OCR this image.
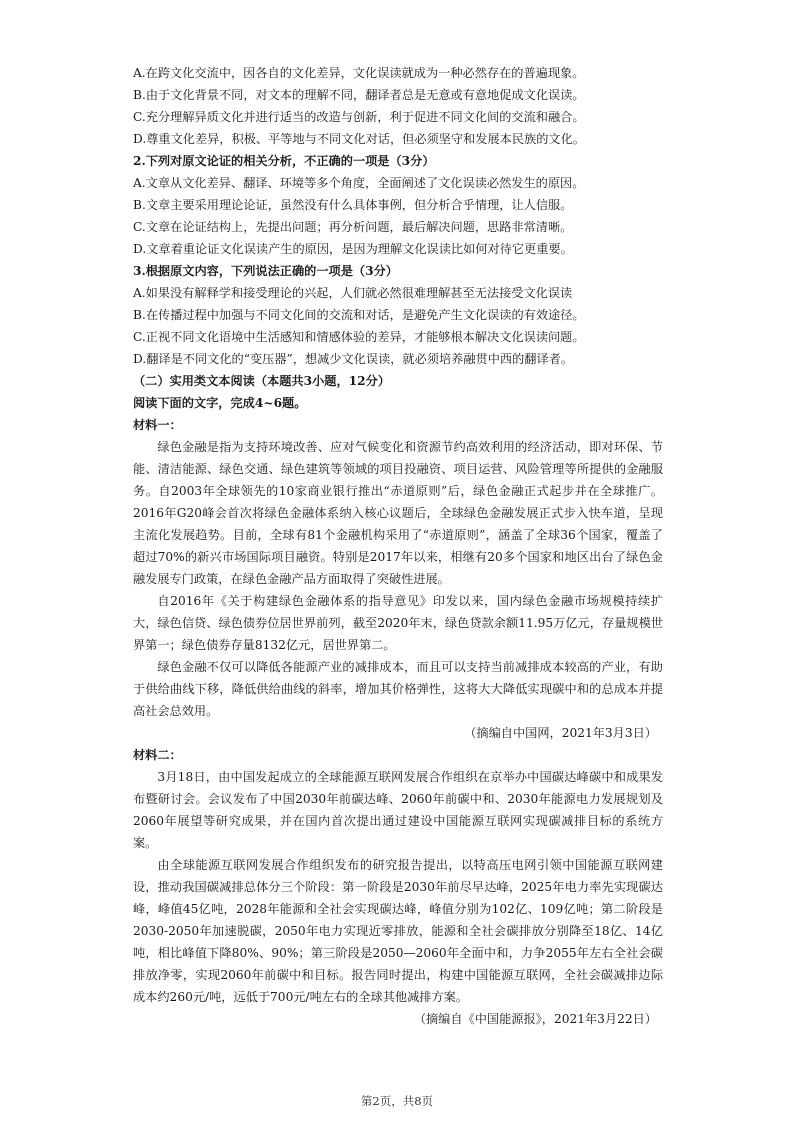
A.在跨文化交流中，因各自的文化差异，文化误读就成为一种必然存在的普遍现象。
B.由于文化背景不同，对文本的理解不同，翻译者总是无意或有意地促成文化误读。
C.充分理解异质文化并进行适当的改造与创新，利于促进不同文化间的交流和融合。
D.尊重文化差异，积极、平等地与不同文化对话，但必须坚守和发展本民族的文化。
2.下列对原文论证的相关分析，不正确的一项是（3分）
A.文章从文化差异、翻译、环境等多个角度，全面阐述了文化误读必然发生的原因。
B.文章主要采用理论论证，虽然没有什么具体事例，但分析合乎情理，让人信服。
C.文章在论证结构上，先提出问题；再分析问题，最后解决问题，思路非常清晰。
D.文章着重论证文化误读产生的原因，是因为理解文化误读比如何对待它更重要。
3.根据原文内容，下列说法正确的一项是（3分）
A.如果没有解释学和接受理论的兴起，人们就必然很难理解甚至无法接受文化误读
B.在传播过程中加强与不同文化间的交流和对话，是避免产生文化误读的有效途径。
C.正视不同文化语境中生活感知和情感体验的差异，才能够根本解决文化误读问题。
D.翻译是不同文化的“变压器”，想减少文化误读，就必须培养融贯中西的翻译者。
（二）实用类文本阅读（本题共3小题，12分）
阅读下面的文字，完成4~6题。
材料一：
绿色金融是指为支持环境改善、应对气候变化和资源节约高效利用的经济活动，即对环保、节能、清洁能源、绿色交通、绿色建筑等领域的项目投融资、项目运营、风险管理等所提供的金融服务。自2003年全球领先的10家商业银行推出“赤道原则”后，绿色金融正式起步并在全球推广。2016年G20峰会首次将绿色金融体系纳入核心议题后，全球绿色金融发展正式步入快车道，呈现主流化发展趋势。目前，全球有81个金融机构采用了“赤道原则”，涵盖了全球36个国家，覆盖了超过70%的新兴市场国际项目融资。特别是2017年以来，相继有20多个国家和地区出台了绿色金融发展专门政策，在绿色金融产品方面取得了突破性进展。
自2016年《关于构建绿色金融体系的指导意见》印发以来，国内绿色金融市场规模持续扩大，绿色信贷、绿色债券位居世界前列，截至2020年末，绿色贷款余额11.95万亿元，存量规模世界第一；绿色债券存量8132亿元，居世界第二。
绿色金融不仅可以降低各能源产业的减排成本，而且可以支持当前减排成本较高的产业，有助于供给曲线下移，降低供给曲线的斜率，增加其价格弹性，这将大大降低实现碳中和的总成本并提高社会总效用。
（摘编自中国网，2021年3月3日）
材料二：
3月18日，由中国发起成立的全球能源互联网发展合作组织在京举办中国碳达峰碳中和成果发布暨研讨会。会议发布了中国2030年前碳达峰、2060年前碳中和、2030年能源电力发展规划及2060年展望等研究成果，并在国内首次提出通过建设中国能源互联网实现碳减排目标的系统方案。
由全球能源互联网发展合作组织发布的研究报告提出，以特高压电网引领中国能源互联网建设，推动我国碳减排总体分三个阶段：第一阶段是2030年前尽早达峰，2025年电力率先实现碳达峰，峰值45亿吨，2028年能源和全社会实现碳达峰，峰值分别为102亿、109亿吨；第二阶段是2030-2050年加速脱碳，2050年电力实现近零排放，能源和全社会碳排放分别降至18亿、14亿吨，相比峰值下降80%、90%；第三阶段是2050—2060年全面中和，力争2055年左右全社会碳排放净零，实现2060年前碳中和目标。报告同时提出，构建中国能源互联网，全社会碳减排边际成本约260元/吨，远低于700元/吨左右的全球其他减排方案。
（摘编自《中国能源报》，2021年3月22日）
第2页，共8页
